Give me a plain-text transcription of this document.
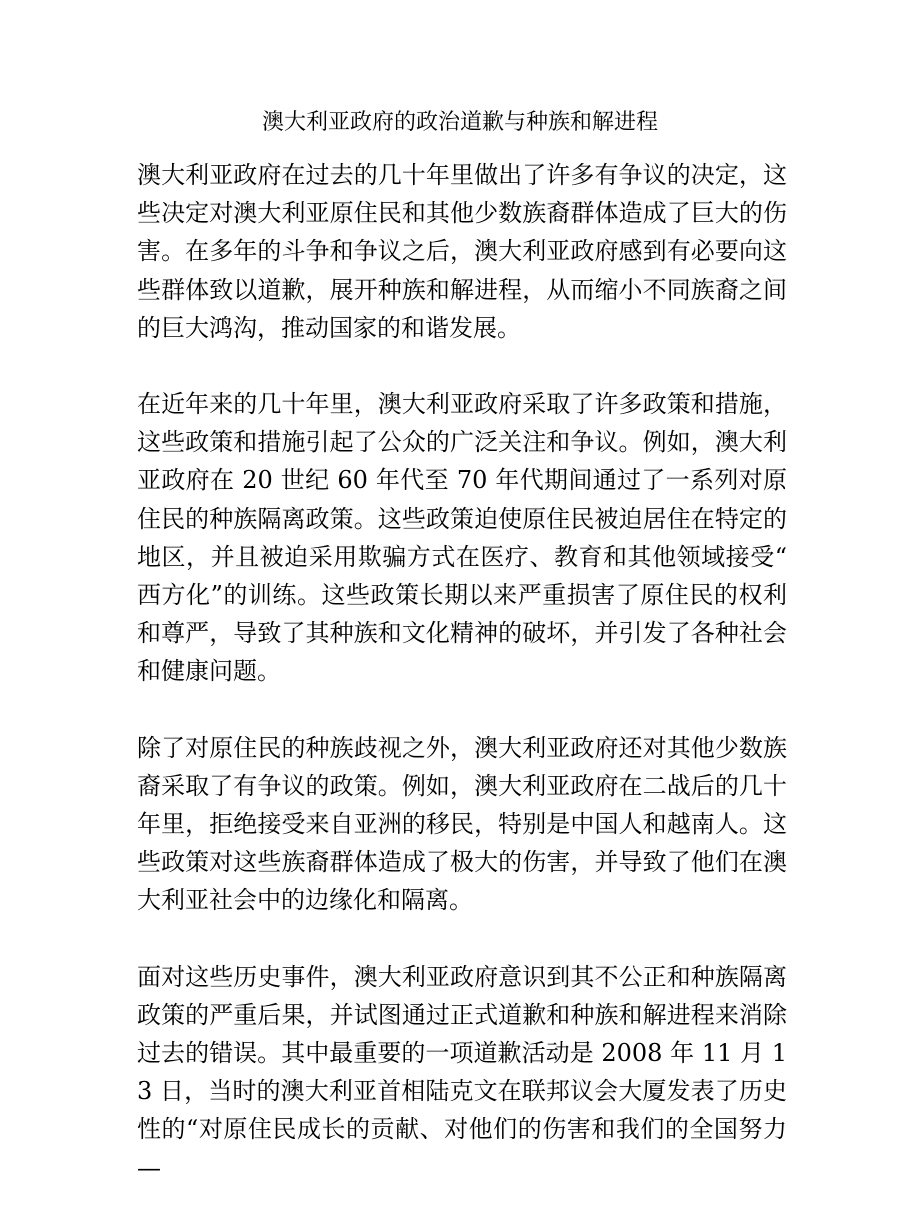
澳大利亚政府的政治道歉与种族和解进程

澳大利亚政府在过去的几十年里做出了许多有争议的决定，这些决定对澳大利亚原住民和其他少数族裔群体造成了巨大的伤害。在多年的斗争和争议之后，澳大利亚政府感到有必要向这些群体致以道歉，展开种族和解进程，从而缩小不同族裔之间的巨大鸿沟，推动国家的和谐发展。

在近年来的几十年里，澳大利亚政府采取了许多政策和措施，这些政策和措施引起了公众的广泛关注和争议。例如，澳大利亚政府在 20 世纪 60 年代至 70 年代期间通过了一系列对原住民的种族隔离政策。这些政策迫使原住民被迫居住在特定的地区，并且被迫采用欺骗方式在医疗、教育和其他领域接受“西方化”的训练。这些政策长期以来严重损害了原住民的权利和尊严，导致了其种族和文化精神的破坏，并引发了各种社会和健康问题。

除了对原住民的种族歧视之外，澳大利亚政府还对其他少数族裔采取了有争议的政策。例如，澳大利亚政府在二战后的几十年里，拒绝接受来自亚洲的移民，特别是中国人和越南人。这些政策对这些族裔群体造成了极大的伤害，并导致了他们在澳大利亚社会中的边缘化和隔离。

面对这些历史事件，澳大利亚政府意识到其不公正和种族隔离政策的严重后果，并试图通过正式道歉和种族和解进程来消除过去的错误。其中最重要的一项道歉活动是 2008 年 11 月 13 日，当时的澳大利亚首相陆克文在联邦议会大厦发表了历史性的“对原住民成长的贡献、对他们的伤害和我们的全国努力—
